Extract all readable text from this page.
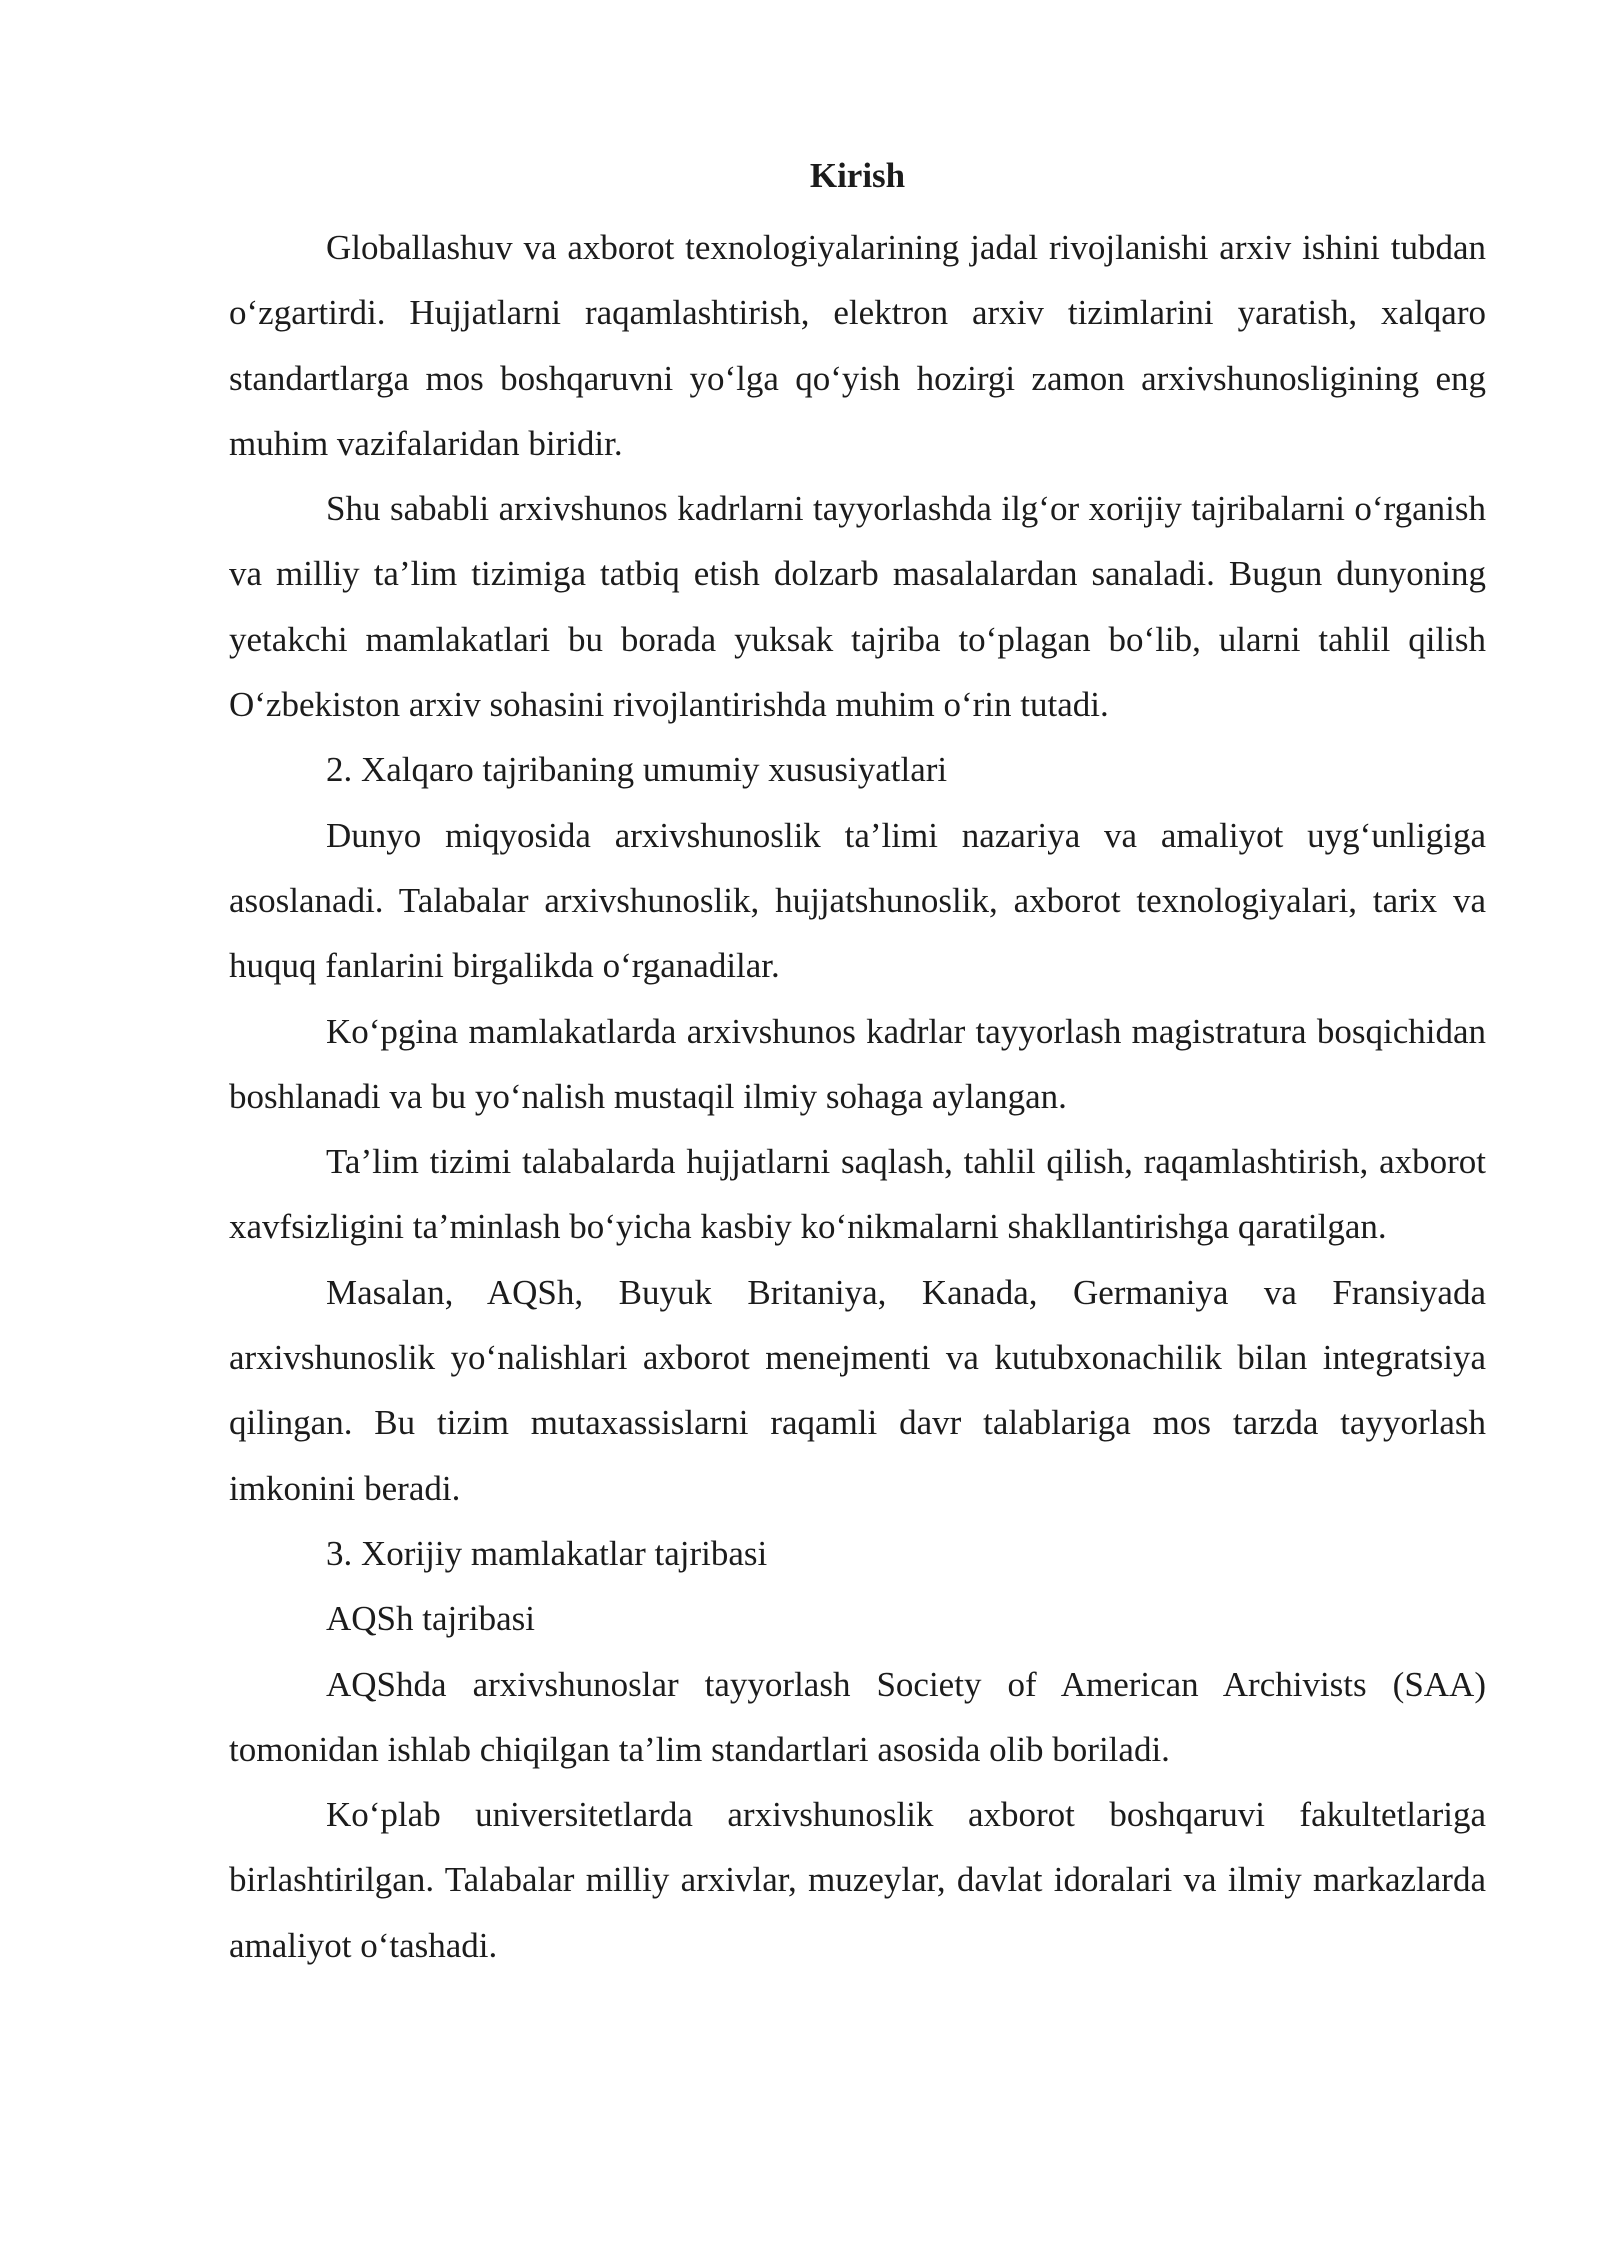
Kirish

Globallashuv va axborot texnologiyalarining jadal rivojlanishi arxiv ishini tubdan o‘zgartirdi. Hujjatlarni raqamlashtirish, elektron arxiv tizimlarini yaratish, xalqaro standartlarga mos boshqaruvni yo‘lga qo‘yish hozirgi zamon arxivshunosligining eng muhim vazifalaridan biridir.

Shu sababli arxivshunos kadrlarni tayyorlashda ilg‘or xorijiy tajribalarni o‘rganish va milliy ta’lim tizimiga tatbiq etish dolzarb masalalardan sanaladi. Bugun dunyoning yetakchi mamlakatlari bu borada yuksak tajriba to‘plagan bo‘lib, ularni tahlil qilish O‘zbekiston arxiv sohasini rivojlantirishda muhim o‘rin tutadi.

2. Xalqaro tajribaning umumiy xususiyatlari

Dunyo miqyosida arxivshunoslik ta’limi nazariya va amaliyot uyg‘unligiga asoslanadi. Talabalar arxivshunoslik, hujjatshunoslik, axborot texnologiyalari, tarix va huquq fanlarini birgalikda o‘rganadilar.

Ko‘pgina mamlakatlarda arxivshunos kadrlar tayyorlash magistratura bosqichidan boshlanadi va bu yo‘nalish mustaqil ilmiy sohaga aylangan.

Ta’lim tizimi talabalarda hujjatlarni saqlash, tahlil qilish, raqamlashtirish, axborot xavfsizligini ta’minlash bo‘yicha kasbiy ko‘nikmalarni shakllantirishga qaratilgan.

Masalan, AQSh, Buyuk Britaniya, Kanada, Germaniya va Fransiyada arxivshunoslik yo‘nalishlari axborot menejmenti va kutubxonachilik bilan integratsiya qilingan. Bu tizim mutaxassislarni raqamli davr talablariga mos tarzda tayyorlash imkonini beradi.

3. Xorijiy mamlakatlar tajribasi

AQSh tajribasi

AQShda arxivshunoslar tayyorlash Society of American Archivists (SAA) tomonidan ishlab chiqilgan ta’lim standartlari asosida olib boriladi.

Ko‘plab universitetlarda arxivshunoslik axborot boshqaruvi fakultetlariga birlashtirilgan. Talabalar milliy arxivlar, muzeylar, davlat idoralari va ilmiy markazlarda amaliyot o‘tashadi.
